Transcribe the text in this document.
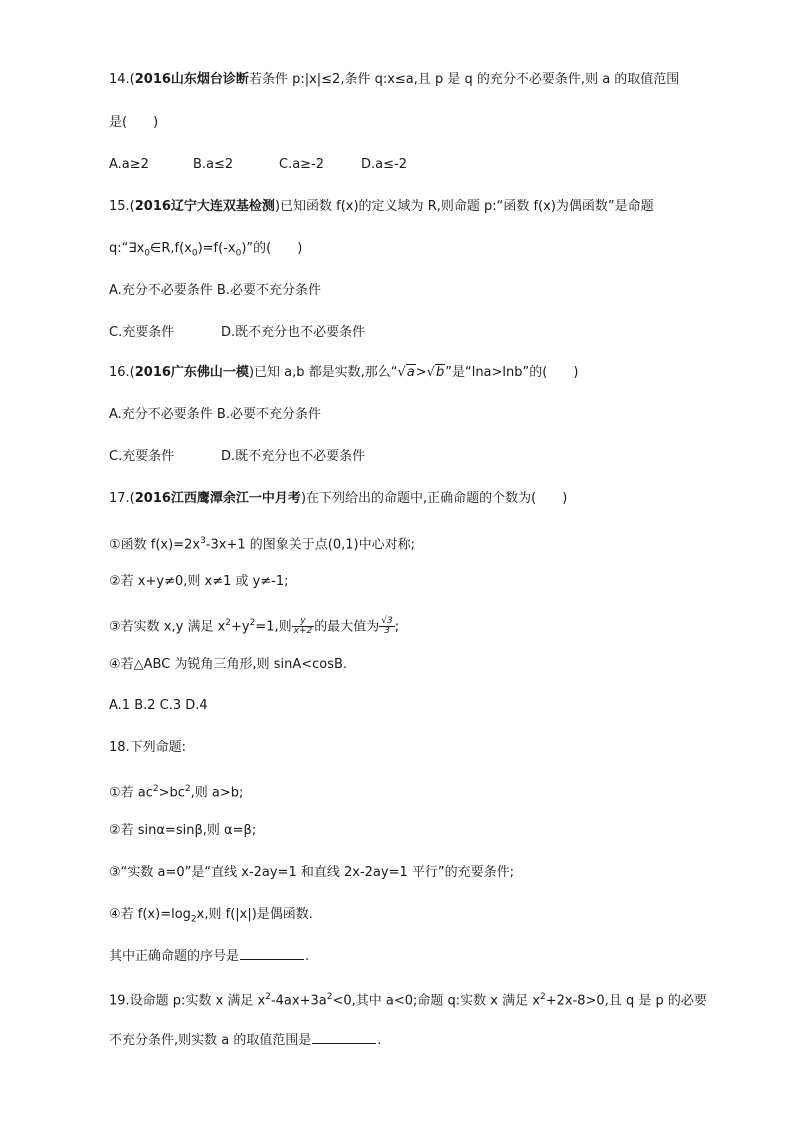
14.(2016山东烟台诊断若条件 p:|x|≤2,条件 q:x≤a,且 p 是 q 的充分不必要条件,则 a 的取值范围
是( )
A.a≥2	B.a≤2	C.a≥-2	D.a≤-2
15.(2016辽宁大连双基检测)已知函数 f(x)的定义域为 R,则命题 p:“函数 f(x)为偶函数”是命题
$q:“\exists x_0\in R,f(x_0)=f(-x_0)$”的( )
A.充分不必要条件 B.必要不充分条件
C.充要条件	D.既不充分也不必要条件
16.(2016广东佛山一模)已知 a,b 都是实数,那么“√a>√b”是“lna>lnb”的( )
A.充分不必要条件 B.必要不充分条件
C.充要条件	D.既不充分也不必要条件
17.(2016江西鹰潭余江一中月考)在下列给出的命题中,正确命题的个数为( )
①函数 $f(x)=2x^3-3x+1$ 的图象关于点(0,1)中心对称;
②若 x+y≠0,则 x≠1 或 y≠-1;
③若实数 x,y 满足 $x^2+y^2=1$,则 $\frac{y}{x+2}$ 的最大值为 $\frac{√3}{3}$ ;
④若△ABC 为锐角三角形,则 sinA<cosB.
A.1 B.2 C.3 D.4
18.下列命题:
①若 $ac^2>bc^2$,则 a>b;
②若 sinα=sinβ,则 α=β;
③“实数 a=0”是“直线 x-2ay=1 和直线 2x-2ay=1 平行”的充要条件;
④若 $f(x)=\log_2x$,则 f(|x|)是偶函数.
其中正确命题的序号是	.
19.设命题 p:实数 x 满足 $x^2-4ax+3a^2<0$,其中 a<0;命题 q:实数 x 满足 $x^2+2x-8>0$,且 q 是 p 的必要
不充分条件,则实数 a 的取值范围是	.
